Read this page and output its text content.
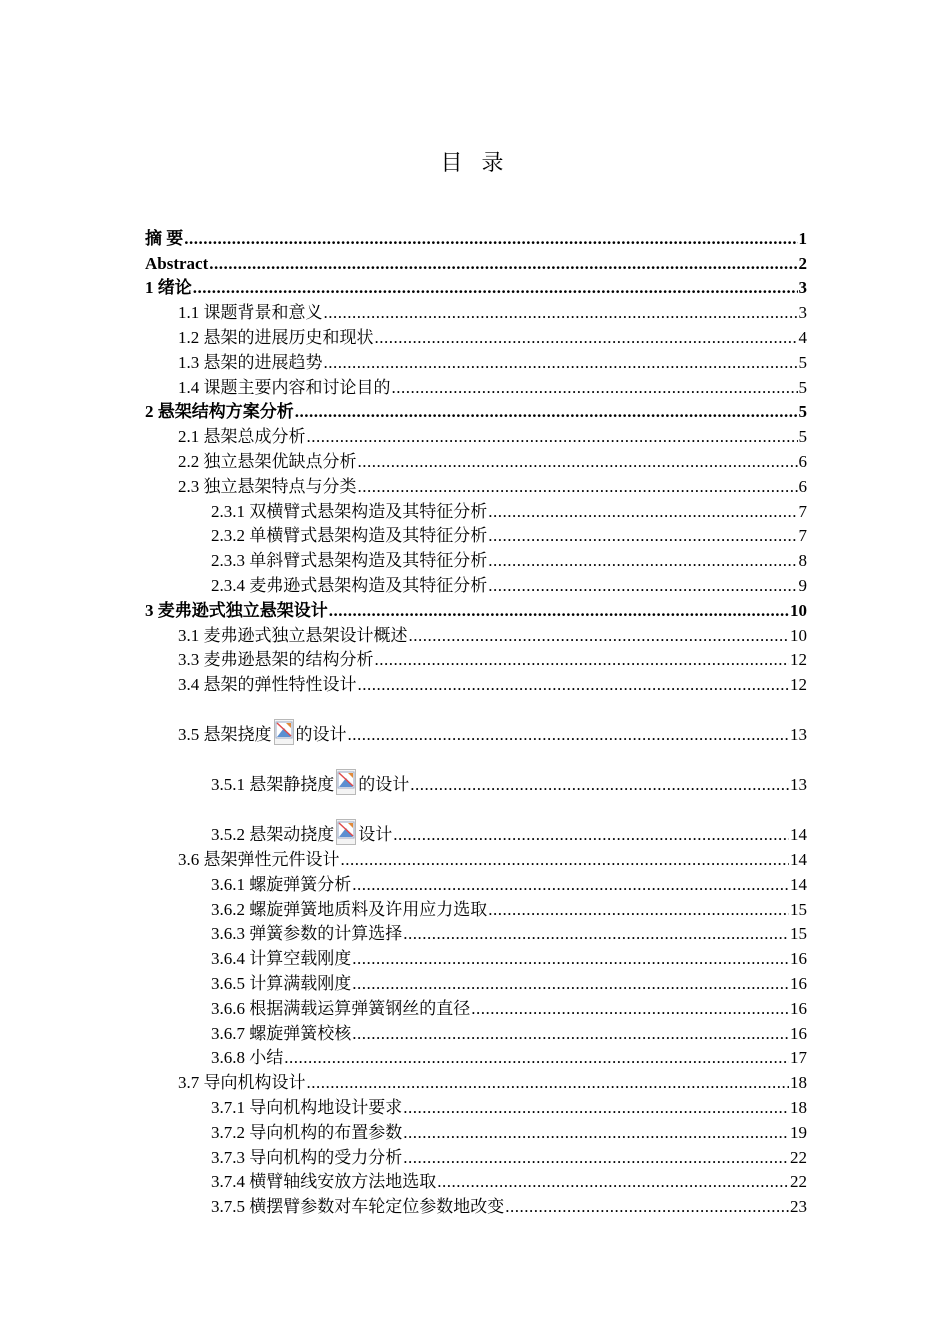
目 录
摘 要 .....	1
Abstract .....	2
1 绪论 .....	3
1.1 课题背景和意义 .....	3
1.2 悬架的进展历史和现状 .....	4
1.3 悬架的进展趋势 .....	5
1.4 课题主要内容和讨论目的 .....	5
2 悬架结构方案分析 .....	5
2.1 悬架总成分析 .....	5
2.2 独立悬架优缺点分析 .....	6
2.3 独立悬架特点与分类 .....	6
2.3.1 双横臂式悬架构造及其特征分析 .....	7
2.3.2 单横臂式悬架构造及其特征分析 .....	7
2.3.3 单斜臂式悬架构造及其特征分析 .....	8
2.3.4 麦弗逊式悬架构造及其特征分析 .....	9
3 麦弗逊式独立悬架设计 .....	10
3.1 麦弗逊式独立悬架设计概述 .....	10
3.3 麦弗逊悬架的结构分析 .....	12
3.4 悬架的弹性特性设计 .....	12
3.5 悬架挠度 的设计 .....	13
3.5.1 悬架静挠度 的设计 .....	13
3.5.2 悬架动挠度 设计 .....	14
3.6 悬架弹性元件设计 .....	14
3.6.1 螺旋弹簧分析 .....	14
3.6.2 螺旋弹簧地质料及许用应力选取 .....	15
3.6.3 弹簧参数的计算选择 .....	15
3.6.4 计算空载刚度 .....	16
3.6.5 计算满载刚度 .....	16
3.6.6 根据满载运算弹簧钢丝的直径 .....	16
3.6.7 螺旋弹簧校核 .....	16
3.6.8 小结 .....	17
3.7 导向机构设计 .....	18
3.7.1 导向机构地设计要求 .....	18
3.7.2 导向机构的布置参数 .....	19
3.7.3 导向机构的受力分析 .....	22
3.7.4 横臂轴线安放方法地选取 .....	22
3.7.5 横摆臂参数对车轮定位参数地改变 .....	23
